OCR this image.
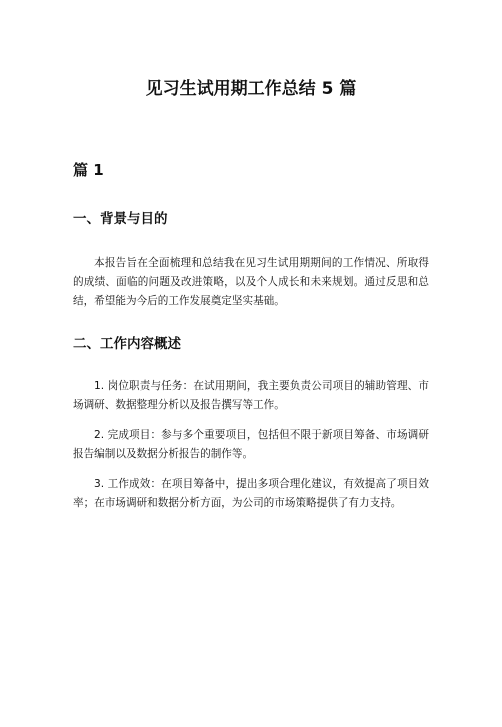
见习生试用期工作总结 5 篇
篇 1
一、背景与目的

本报告旨在全面梳理和总结我在见习生试用期期间的工作情况、所取得的成绩、面临的问题及改进策略，以及个人成长和未来规划。通过反思和总结，希望能为今后的工作发展奠定坚实基础。

二、工作内容概述

1. 岗位职责与任务：在试用期间，我主要负责公司项目的辅助管理、市场调研、数据整理分析以及报告撰写等工作。

2. 完成项目：参与多个重要项目，包括但不限于新项目筹备、市场调研报告编制以及数据分析报告的制作等。

3. 工作成效：在项目筹备中，提出多项合理化建议，有效提高了项目效率；在市场调研和数据分析方面，为公司的市场策略提供了有力支持。
